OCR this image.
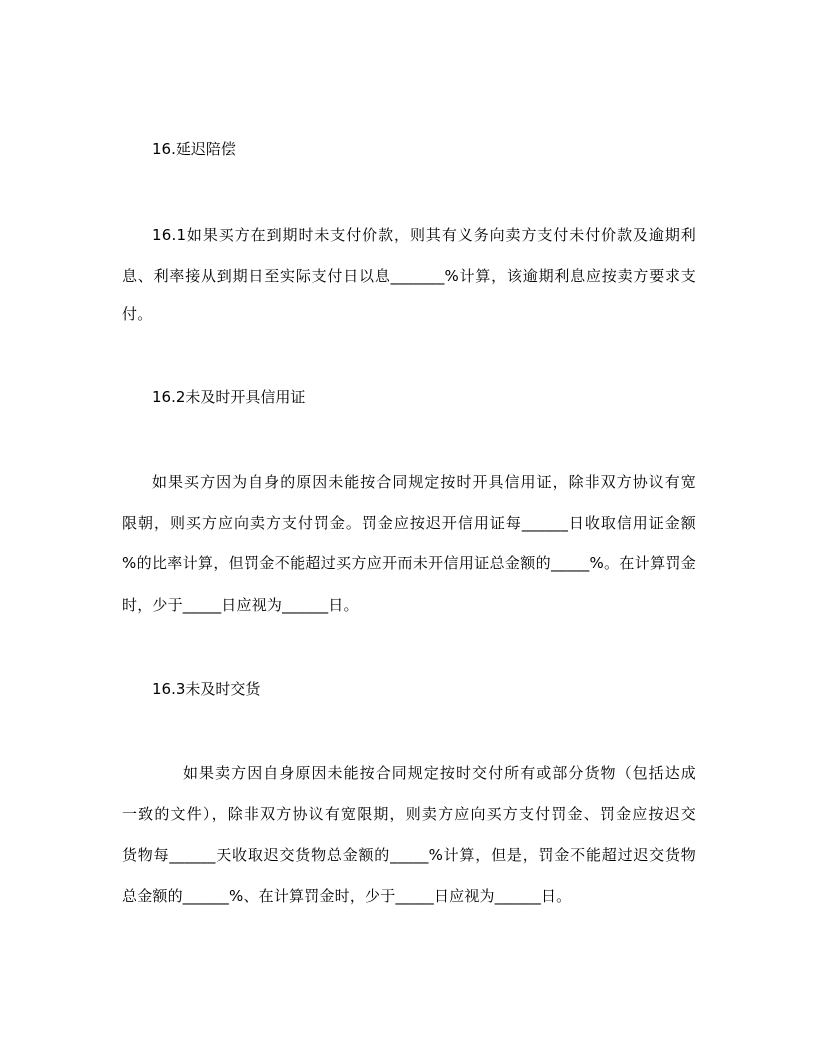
16.延迟陪偿
16.1如果买方在到期时未支付价款，则其有义务向卖方支付未付价款及逾期利
息、利率接从到期日至实际支付日以息_______%计算，该逾期利息应按卖方要求支
付。
16.2未及时开具信用证
如果买方因为自身的原因未能按合同规定按时开具信用证，除非双方协议有宽
限朝，则买方应向卖方支付罚金。罚金应按迟开信用证每______日收取信用证金额
%的比率计算，但罚金不能超过买方应开而未开信用证总金额的_____%。在计算罚金
时，少于_____日应视为______日。
16.3未及时交货
如果卖方因自身原因未能按合同规定按时交付所有或部分货物（包括达成
一致的文件），除非双方协议有宽限期，则卖方应向买方支付罚金、罚金应按迟交
货物每______天收取迟交货物总金额的_____%计算，但是，罚金不能超过迟交货物
总金额的______%、在计算罚金时，少于_____日应视为______日。
